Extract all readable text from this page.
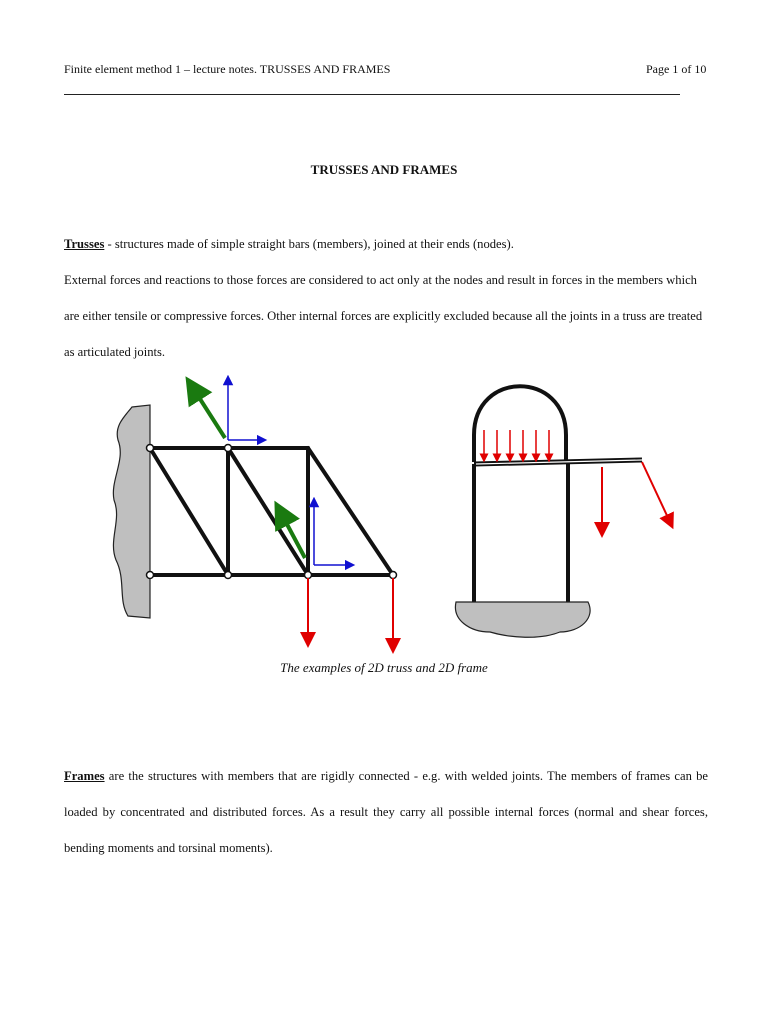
Finite element method 1 – lecture notes. TRUSSES AND FRAMES	Page 1 of 10
TRUSSES AND FRAMES
Trusses - structures made of simple straight bars (members), joined at their ends (nodes).
External forces and reactions to those forces are considered to act only at the nodes and result in forces in the members which are either tensile or compressive forces. Other internal forces are explicitly excluded because all the joints in a truss are treated as articulated joints.
The examples of 2D truss and 2D frame
Frames are the structures with members that are rigidly connected - e.g. with welded joints. The members of frames can be loaded by concentrated and distributed forces. As a result they carry all possible internal forces (normal and shear forces, bending moments and torsinal moments).
